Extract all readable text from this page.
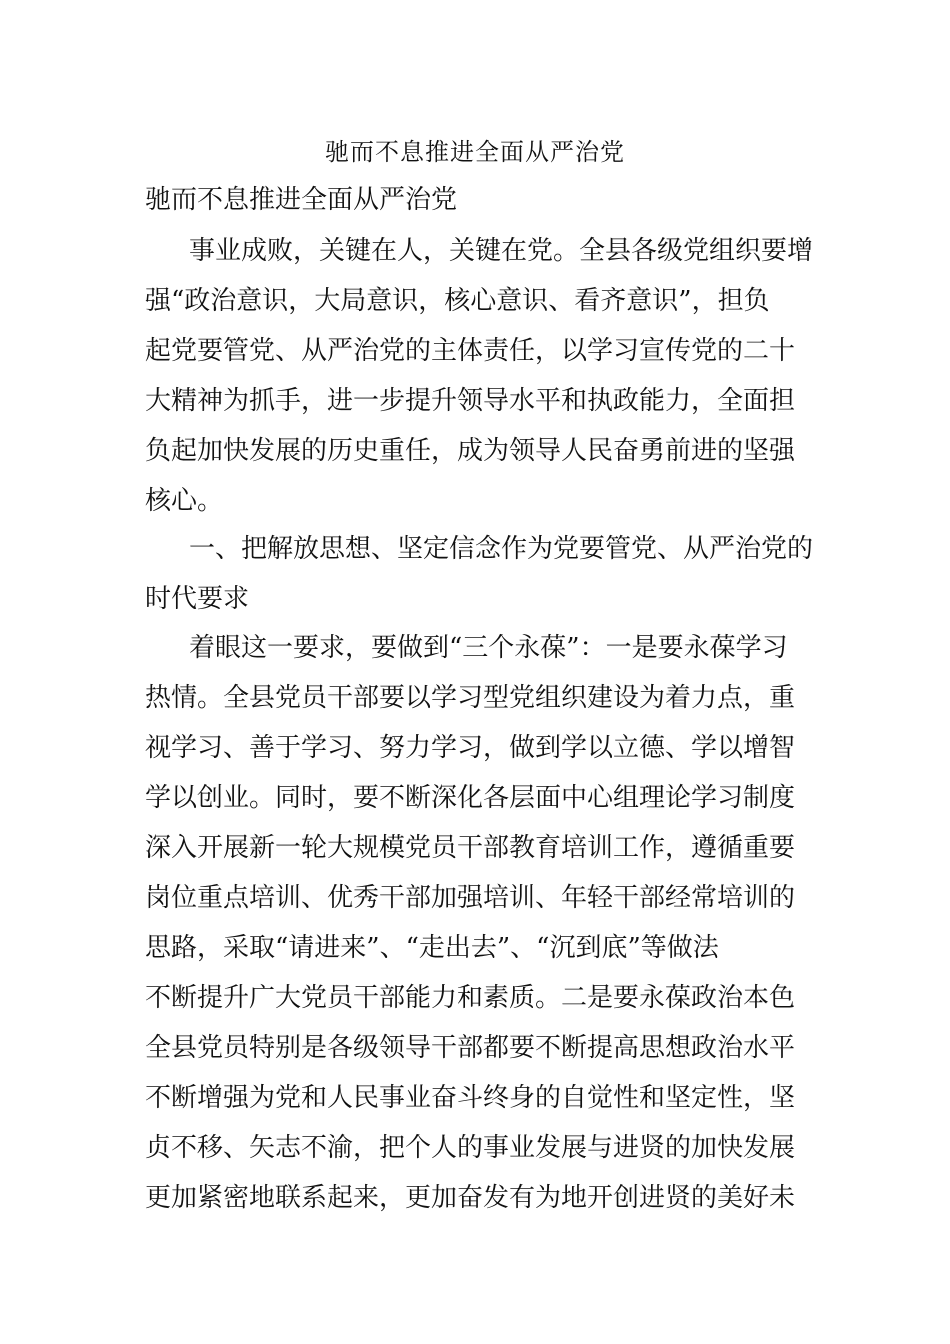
驰而不息推进全面从严治党
驰而不息推进全面从严治党
事业成败，关键在人，关键在党。全县各级党组织要增
强“政治意识，大局意识，核心意识、看齐意识”，担负
起党要管党、从严治党的主体责任，以学习宣传党的二十
大精神为抓手，进一步提升领导水平和执政能力，全面担
负起加快发展的历史重任，成为领导人民奋勇前进的坚强
核心。
一、把解放思想、坚定信念作为党要管党、从严治党的
时代要求
着眼这一要求，要做到“三个永葆”：一是要永葆学习
热情。全县党员干部要以学习型党组织建设为着力点，重
视学习、善于学习、努力学习，做到学以立德、学以增智
学以创业。同时，要不断深化各层面中心组理论学习制度
深入开展新一轮大规模党员干部教育培训工作，遵循重要
岗位重点培训、优秀干部加强培训、年轻干部经常培训的
思路，采取“请进来”、“走出去”、“沉到底”等做法
不断提升广大党员干部能力和素质。二是要永葆政治本色
全县党员特别是各级领导干部都要不断提高思想政治水平
不断增强为党和人民事业奋斗终身的自觉性和坚定性，坚
贞不移、矢志不渝，把个人的事业发展与进贤的加快发展
更加紧密地联系起来，更加奋发有为地开创进贤的美好未
